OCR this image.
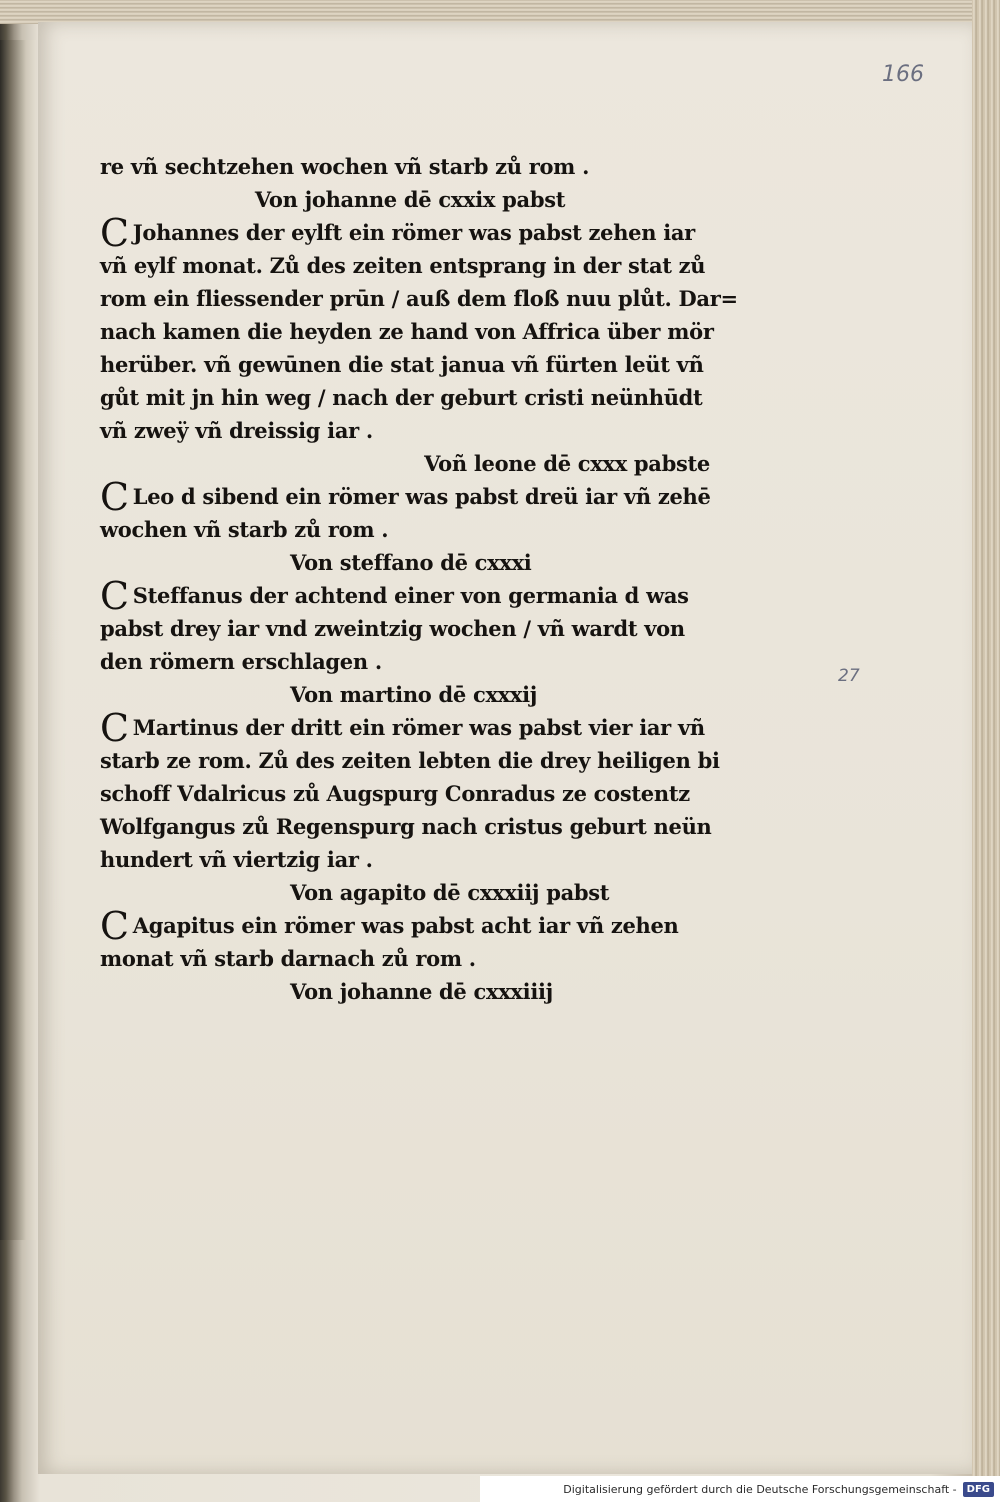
166
27
re vñ sechtzehen wochen vñ starb zů rom .
Von johanne dē cxxix pabst
C Johannes der eylft ein römer was pabst zehen iar
vñ eylf monat. Zů des zeiten entsprang in der stat zů
rom ein fliessender prūn / auß dem floß nuu plůt. Dar=
nach kamen die heyden ze hand von Affrica über mör
herüber. vñ gewūnen die stat janua vñ fürten leüt vñ
gůt mit jn hin weg / nach der geburt cristi neünhūdt
vñ zweÿ vñ dreissig iar .
Voñ leone dē cxxx pabste
C Leo d sibend ein römer was pabst dreü iar vñ zehē
wochen vñ starb zů rom .
Von steffano dē cxxxi
C Steffanus der achtend einer von germania d was
pabst drey iar vnd zweintzig wochen / vñ wardt von
den römern erschlagen .
Von martino dē cxxxij
C Martinus der dritt ein römer was pabst vier iar vñ
starb ze rom. Zů des zeiten lebten die drey heiligen bi
schoff Vdalricus zů Augspurg Conradus ze costentz
Wolfgangus zů Regenspurg nach cristus geburt neün
hundert vñ viertzig iar .
Von agapito dē cxxxiij pabst
C Agapitus ein römer was pabst acht iar vñ zehen
monat vñ starb darnach zů rom .
Von johanne dē cxxxiiij
Digitalisierung gefördert durch die Deutsche Forschungsgemeinschaft -	DFG
